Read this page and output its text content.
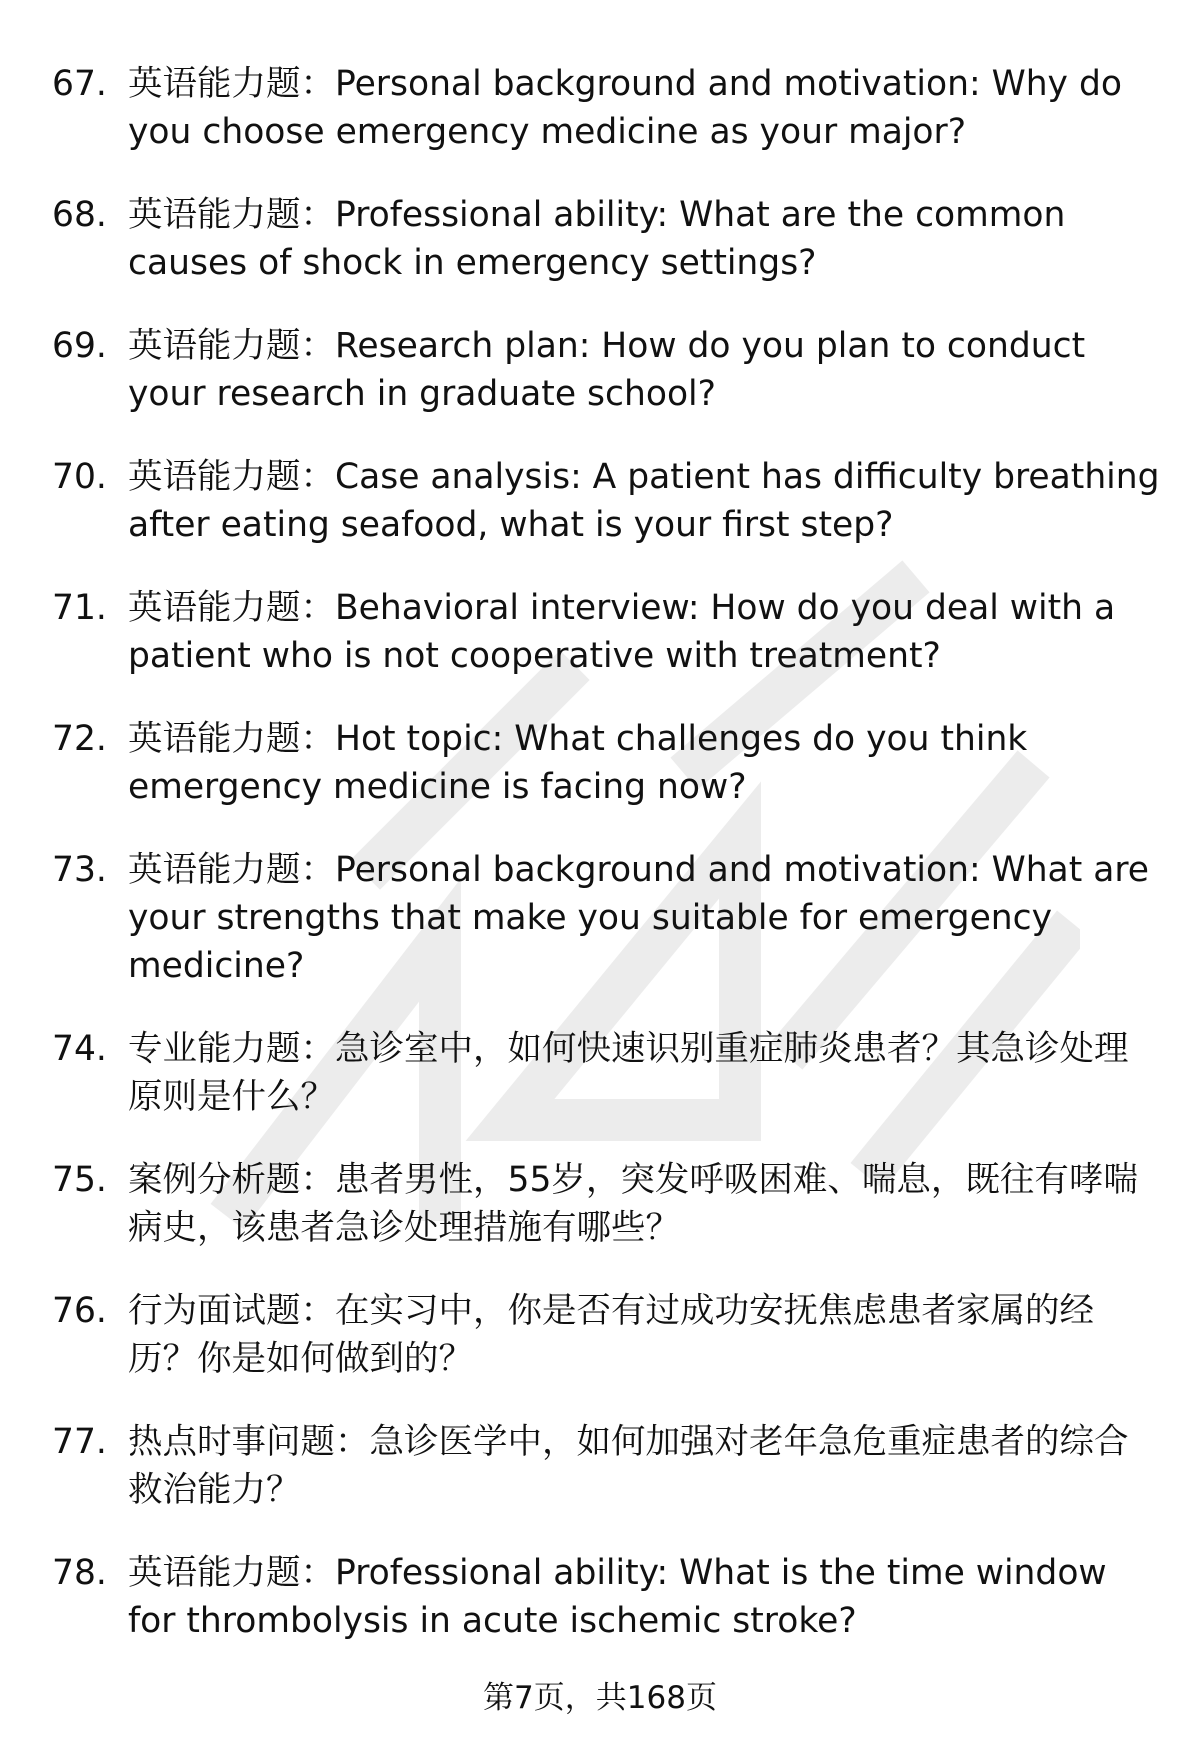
67. 英语能力题：Personal background and motivation: Why do you choose emergency medicine as your major?
68. 英语能力题：Professional ability: What are the common causes of shock in emergency settings?
69. 英语能力题：Research plan: How do you plan to conduct your research in graduate school?
70. 英语能力题：Case analysis: A patient has difficulty breathing after eating seafood, what is your first step?
71. 英语能力题：Behavioral interview: How do you deal with a patient who is not cooperative with treatment?
72. 英语能力题：Hot topic: What challenges do you think emergency medicine is facing now?
73. 英语能力题：Personal background and motivation: What are your strengths that make you suitable for emergency medicine?
74. 专业能力题：急诊室中，如何快速识别重症肺炎患者？其急诊处理原则是什么？
75. 案例分析题：患者男性，55岁，突发呼吸困难、喘息，既往有哮喘病史，该患者急诊处理措施有哪些？
76. 行为面试题：在实习中，你是否有过成功安抚焦虑患者家属的经历？你是如何做到的？
77. 热点时事问题：急诊医学中，如何加强对老年急危重症患者的综合救治能力？
78. 英语能力题：Professional ability: What is the time window for thrombolysis in acute ischemic stroke?
第7页，共168页
